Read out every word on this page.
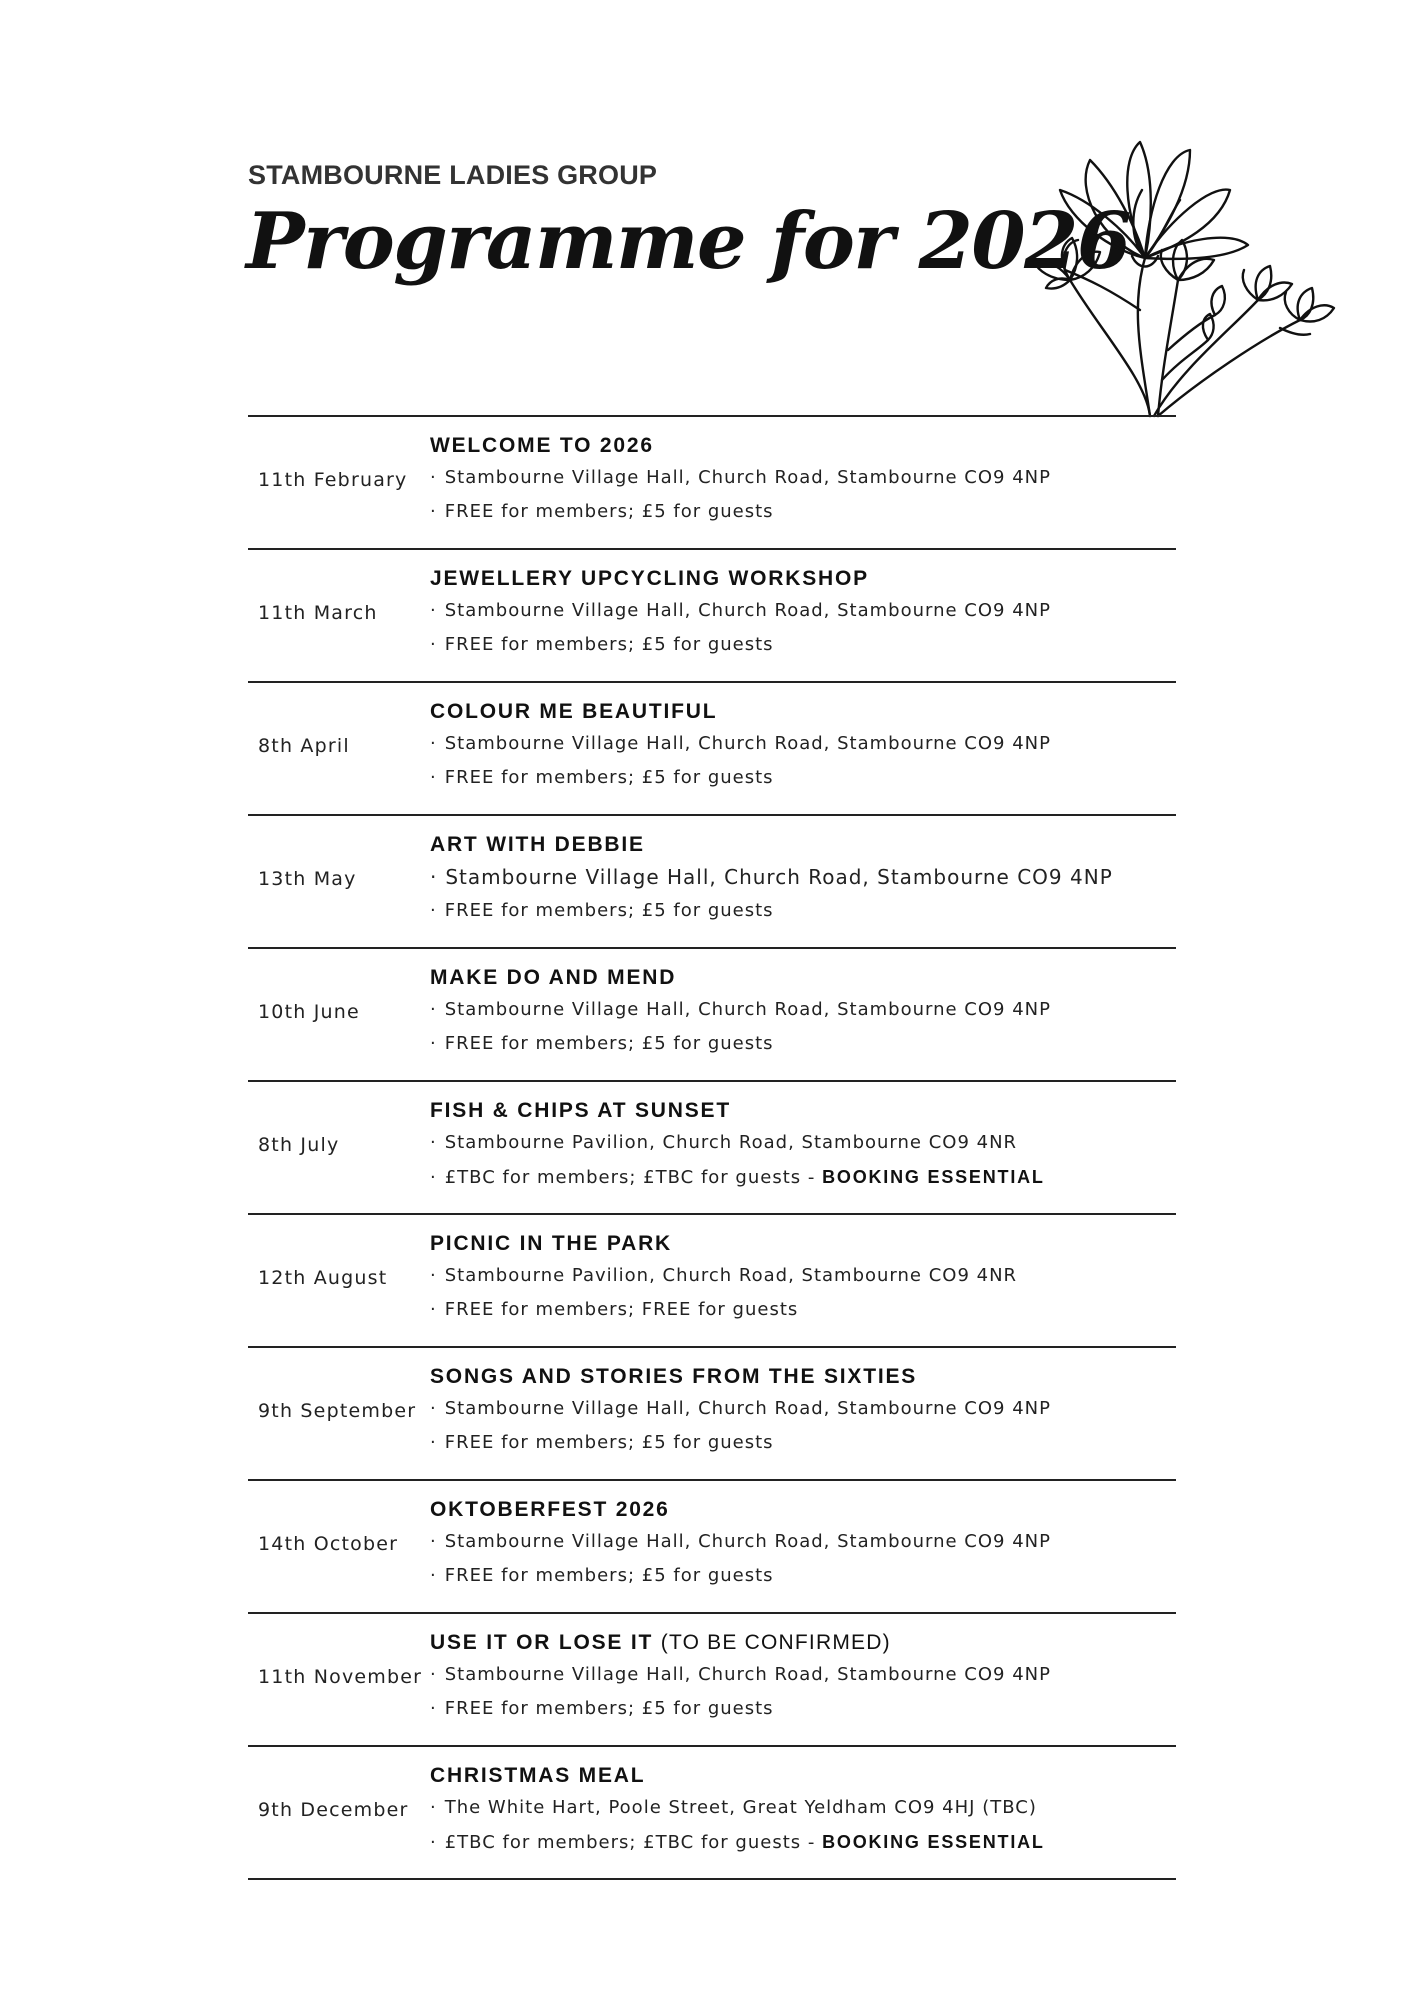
STAMBOURNE LADIES GROUP
Programme for 2026
11th February
WELCOME TO 2026
· Stambourne Village Hall, Church Road, Stambourne CO9 4NP
· FREE for members; £5 for guests
11th March
JEWELLERY UPCYCLING WORKSHOP
· Stambourne Village Hall, Church Road, Stambourne CO9 4NP
· FREE for members; £5 for guests
8th April
COLOUR ME BEAUTIFUL
· Stambourne Village Hall, Church Road, Stambourne CO9 4NP
· FREE for members; £5 for guests
13th May
ART WITH DEBBIE
· Stambourne Village Hall, Church Road, Stambourne CO9 4NP
· FREE for members; £5 for guests
10th June
MAKE DO AND MEND
· Stambourne Village Hall, Church Road, Stambourne CO9 4NP
· FREE for members; £5 for guests
8th July
FISH & CHIPS AT SUNSET
· Stambourne Pavilion, Church Road, Stambourne CO9 4NR
· £TBC for members; £TBC for guests - BOOKING ESSENTIAL
12th August
PICNIC IN THE PARK
· Stambourne Pavilion, Church Road, Stambourne CO9 4NR
· FREE for members; FREE for guests
9th September
SONGS AND STORIES FROM THE SIXTIES
· Stambourne Village Hall, Church Road, Stambourne CO9 4NP
· FREE for members; £5 for guests
14th October
OKTOBERFEST 2026
· Stambourne Village Hall, Church Road, Stambourne CO9 4NP
· FREE for members; £5 for guests
11th November
USE IT OR LOSE IT (TO BE CONFIRMED)
· Stambourne Village Hall, Church Road, Stambourne CO9 4NP
· FREE for members; £5 for guests
9th December
CHRISTMAS MEAL
· The White Hart, Poole Street, Great Yeldham CO9 4HJ (TBC)
· £TBC for members; £TBC for guests - BOOKING ESSENTIAL
